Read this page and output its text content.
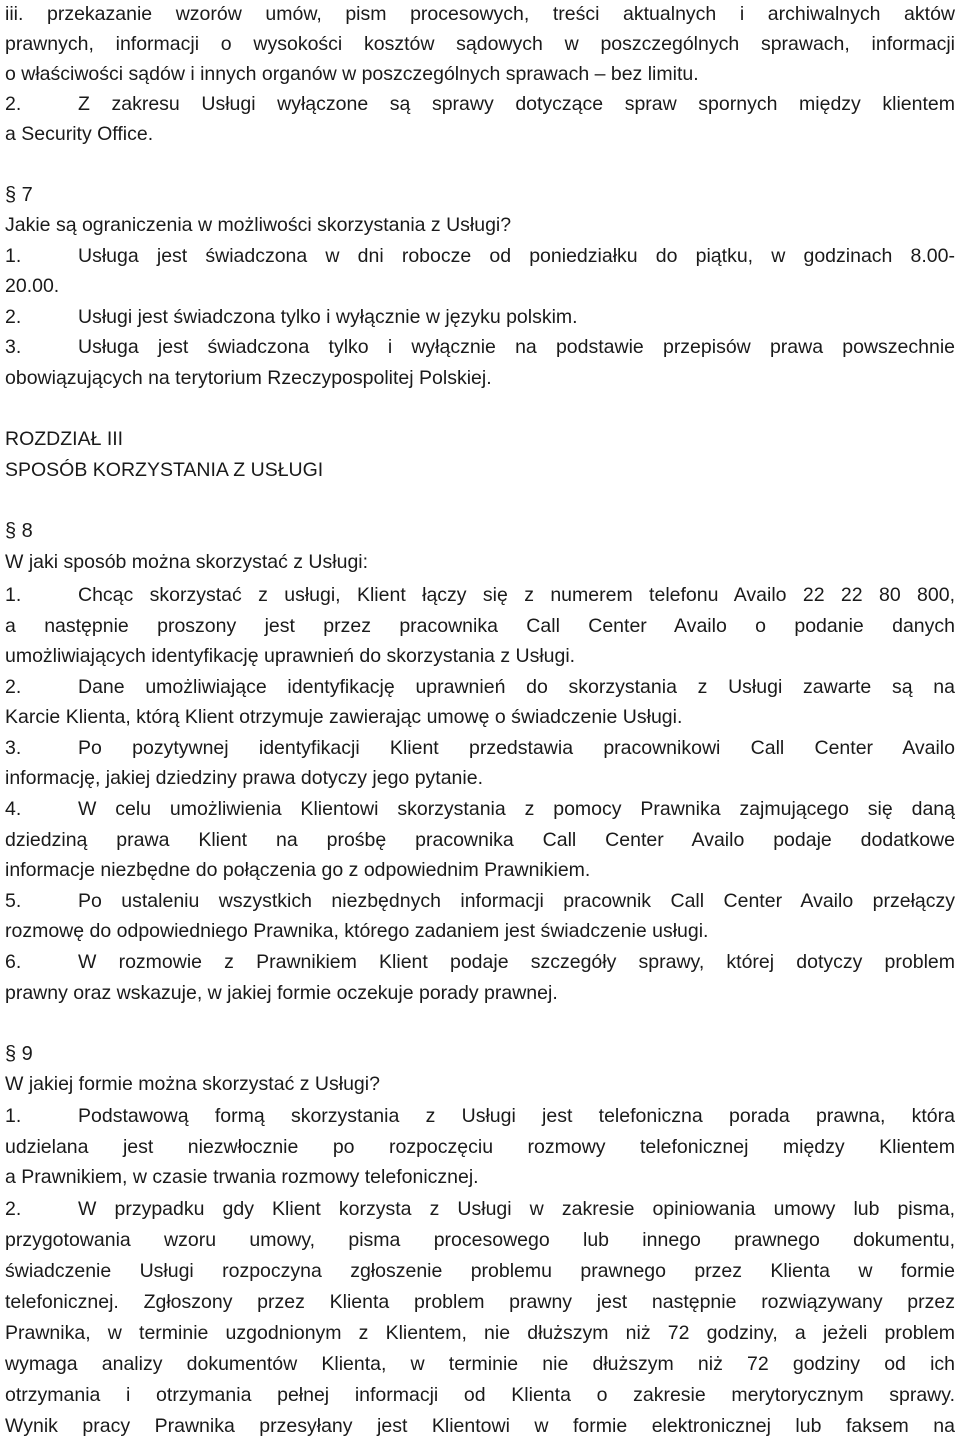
iii. przekazanie wzorów umów, pism procesowych, treści aktualnych i archiwalnych aktów
prawnych, informacji o wysokości kosztów sądowych w poszczególnych sprawach, informacji
o właściwości sądów i innych organów w poszczególnych sprawach – bez limitu.
2.	Z zakresu Usługi wyłączone są sprawy dotyczące spraw spornych między klientem
a Security Office.
§ 7
Jakie są ograniczenia w możliwości skorzystania z Usługi?
1.	Usługa jest świadczona w dni robocze od poniedziałku do piątku, w godzinach 8.00-
20.00.
2.	Usługi jest świadczona tylko i wyłącznie w języku polskim.
3.	Usługa jest świadczona tylko i wyłącznie na podstawie przepisów prawa powszechnie
obowiązujących na terytorium Rzeczypospolitej Polskiej.
ROZDZIAŁ III
SPOSÓB KORZYSTANIA Z USŁUGI
§ 8
W jaki sposób można skorzystać z Usługi:
1.	Chcąc skorzystać z usługi, Klient łączy się z numerem telefonu Availo 22 22 80 800,
a następnie proszony jest przez pracownika Call Center Availo o podanie danych
umożliwiających identyfikację uprawnień do skorzystania z Usługi.
2.	Dane umożliwiające identyfikację uprawnień do skorzystania z Usługi zawarte są na
Karcie Klienta, którą Klient otrzymuje zawierając umowę o świadczenie Usługi.
3.	Po pozytywnej identyfikacji Klient przedstawia pracownikowi Call Center Availo
informację, jakiej dziedziny prawa dotyczy jego pytanie.
4.	W celu umożliwienia Klientowi skorzystania z pomocy Prawnika zajmującego się daną
dziedziną prawa Klient na prośbę pracownika Call Center Availo podaje dodatkowe
informacje niezbędne do połączenia go z odpowiednim Prawnikiem.
5.	Po ustaleniu wszystkich niezbędnych informacji pracownik Call Center Availo przełączy
rozmowę do odpowiedniego Prawnika, którego zadaniem jest świadczenie usługi.
6.	W rozmowie z Prawnikiem Klient podaje szczegóły sprawy, której dotyczy problem
prawny oraz wskazuje, w jakiej formie oczekuje porady prawnej.
§ 9
W jakiej formie można skorzystać z Usługi?
1.	Podstawową formą skorzystania z Usługi jest telefoniczna porada prawna, która
udzielana jest niezwłocznie po rozpoczęciu rozmowy telefonicznej między Klientem
a Prawnikiem, w czasie trwania rozmowy telefonicznej.
2.	W przypadku gdy Klient korzysta z Usługi w zakresie opiniowania umowy lub pisma,
przygotowania wzoru umowy, pisma procesowego lub innego prawnego dokumentu,
świadczenie Usługi rozpoczyna zgłoszenie problemu prawnego przez Klienta w formie
telefonicznej. Zgłoszony przez Klienta problem prawny jest następnie rozwiązywany przez
Prawnika, w terminie uzgodnionym z Klientem, nie dłuższym niż 72 godziny, a jeżeli problem
wymaga analizy dokumentów Klienta, w terminie nie dłuższym niż 72 godziny od ich
otrzymania i otrzymania pełnej informacji od Klienta o zakresie merytorycznym sprawy.
Wynik pracy Prawnika przesyłany jest Klientowi w formie elektronicznej lub faksem na
